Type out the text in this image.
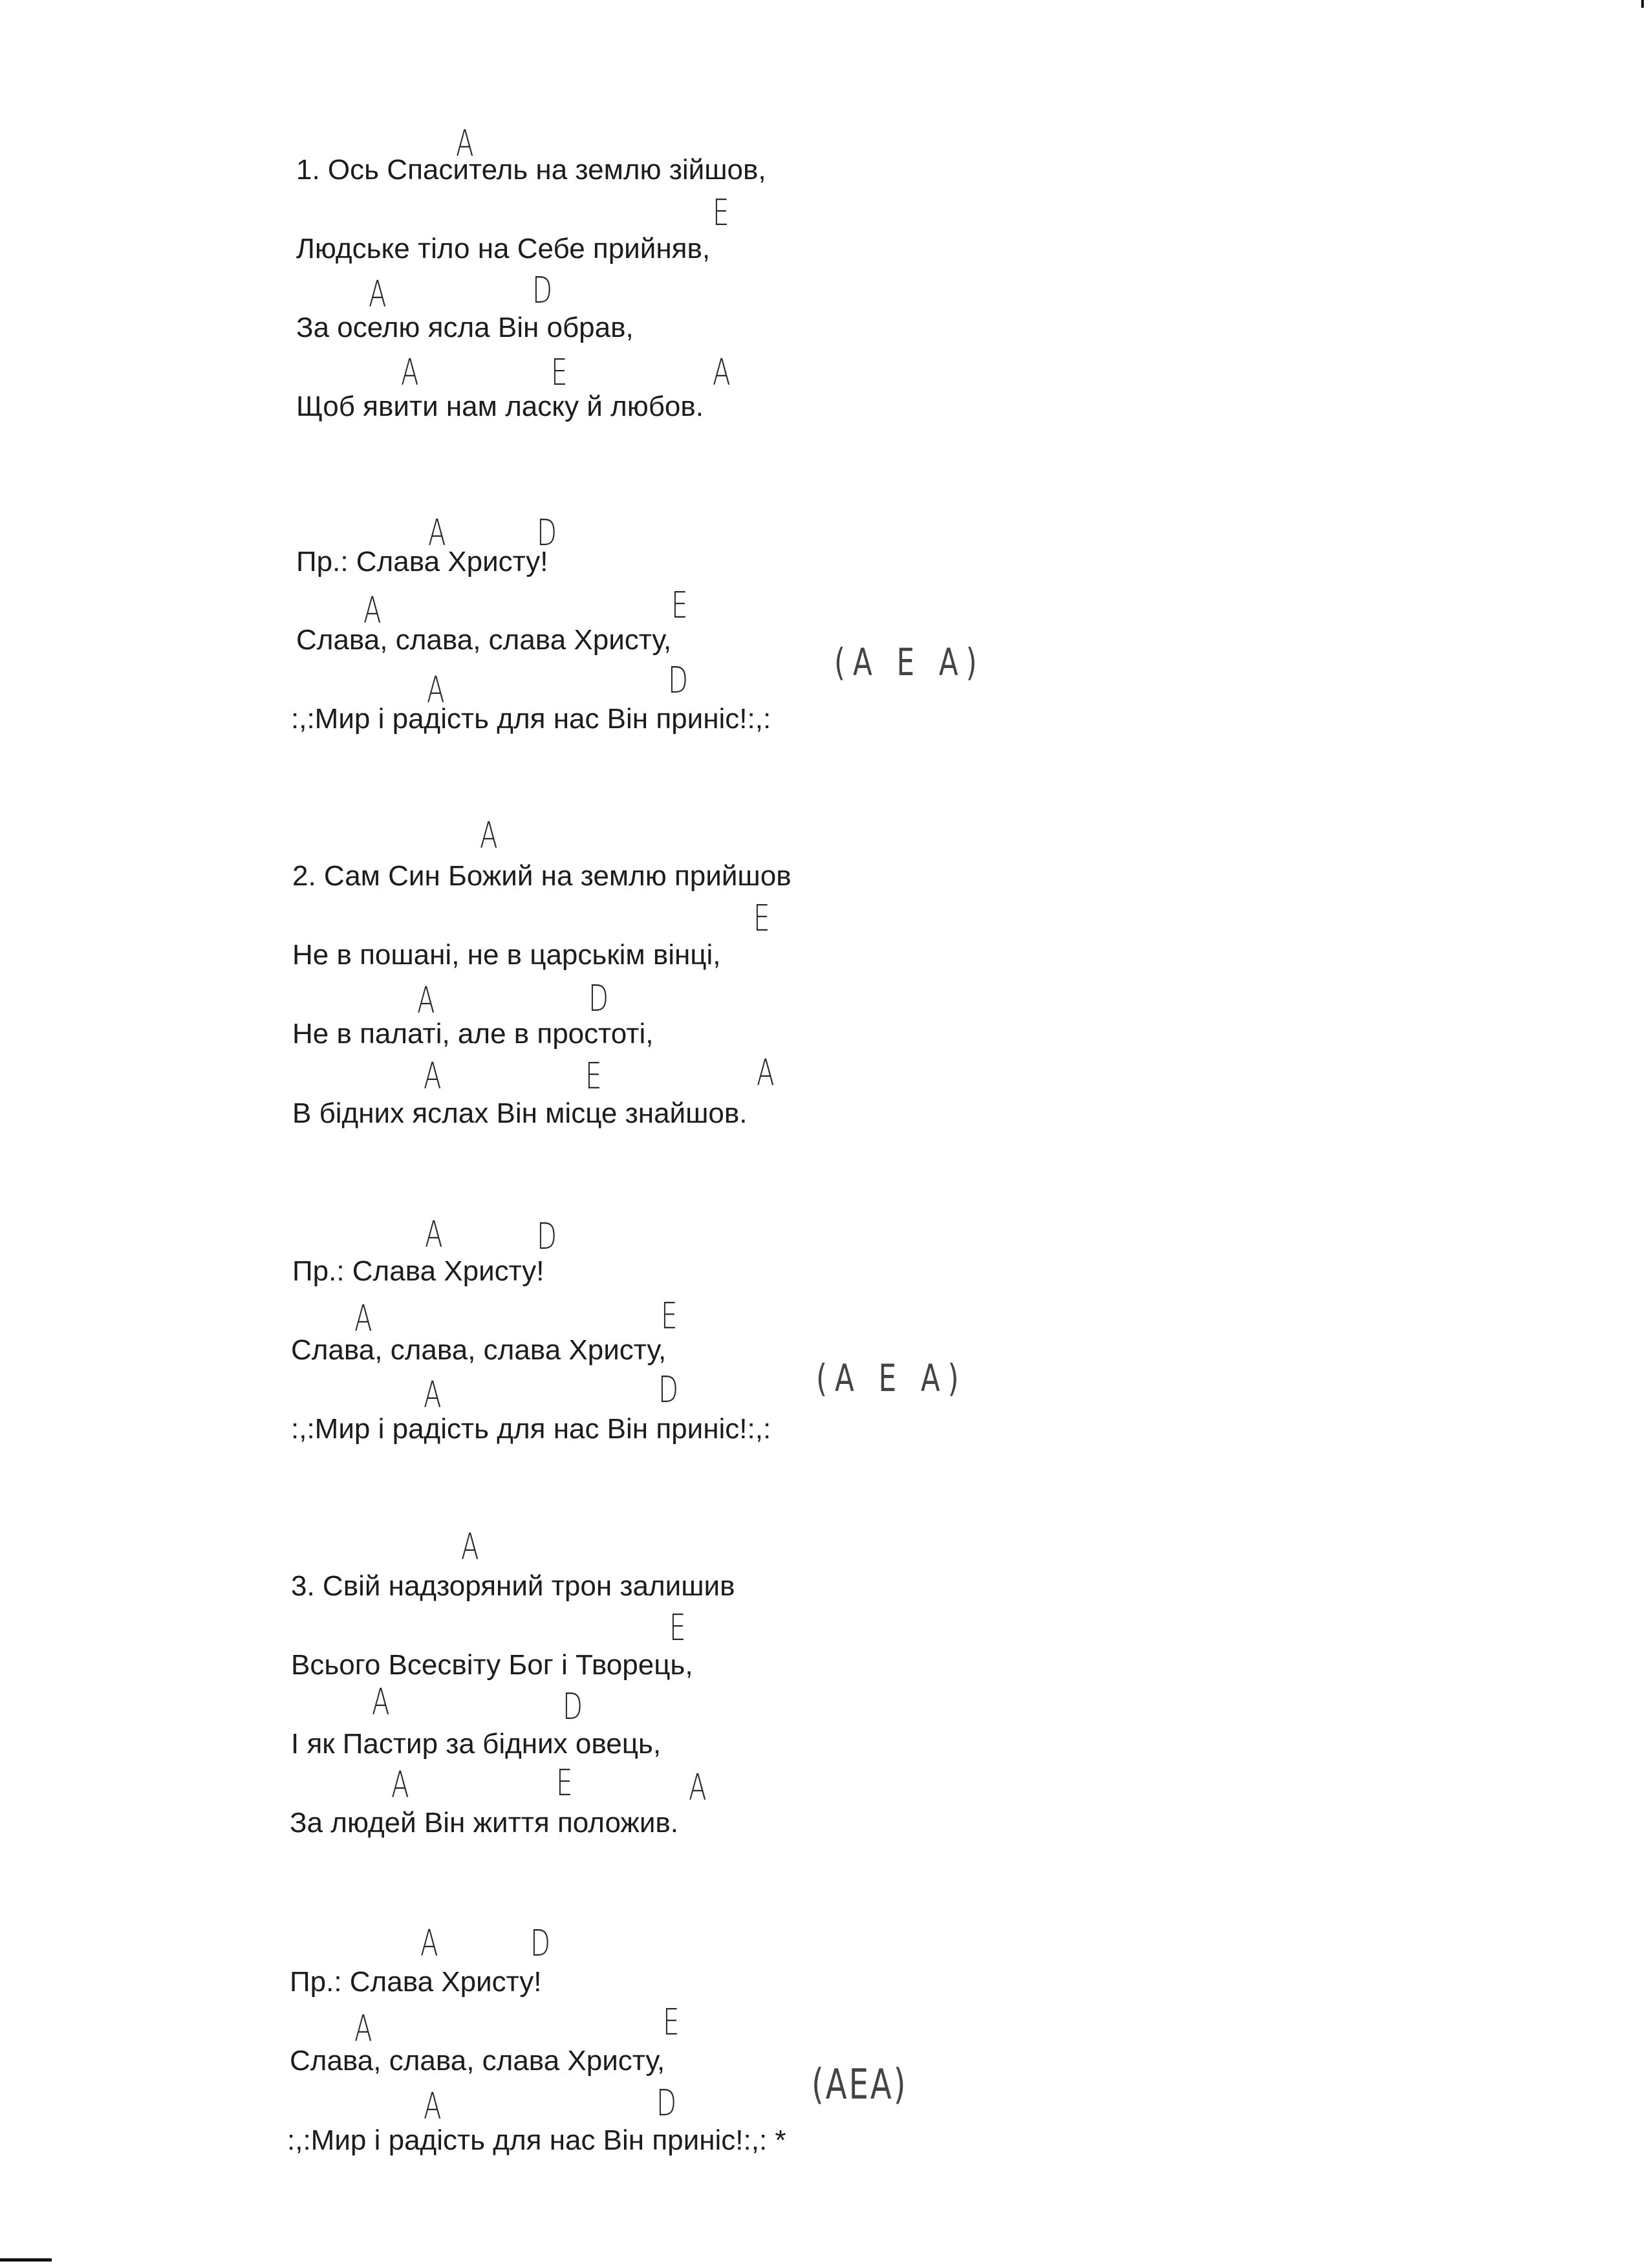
A
1. Ось Спаситель на землю зійшов,
E
Людське тіло на Себе прийняв,
A	D
За оселю ясла Він обрав,
A	E	A
Щоб явити нам ласку й любов.
A	D
Пр.: Слава Христу!
A	E
Слава, слава, слава Христу,
(A E A)
A	D
:,:Мир і радість для нас Він приніс!:,:
A
2. Сам Син Божий на землю прийшов
E
Не в пошані, не в царськім вінці,
A	D
Не в палаті, але в простоті,
A	E	A
В бідних яслах Він місце знайшов.
A	D
Пр.: Слава Христу!
A	E
Слава, слава, слава Христу,
(A E A)
A	D
:,:Мир і радість для нас Він приніс!:,:
A
3. Свій надзоряний трон залишив
E
Всього Всесвіту Бог і Творець,
A	D
І як Пастир за бідних овець,
A	E	A
За людей Він життя положив.
A	D
Пр.: Слава Христу!
A	E
Слава, слава, слава Христу,
(AEA)
A	D
:,:Мир і радість для нас Він приніс!:,: *
